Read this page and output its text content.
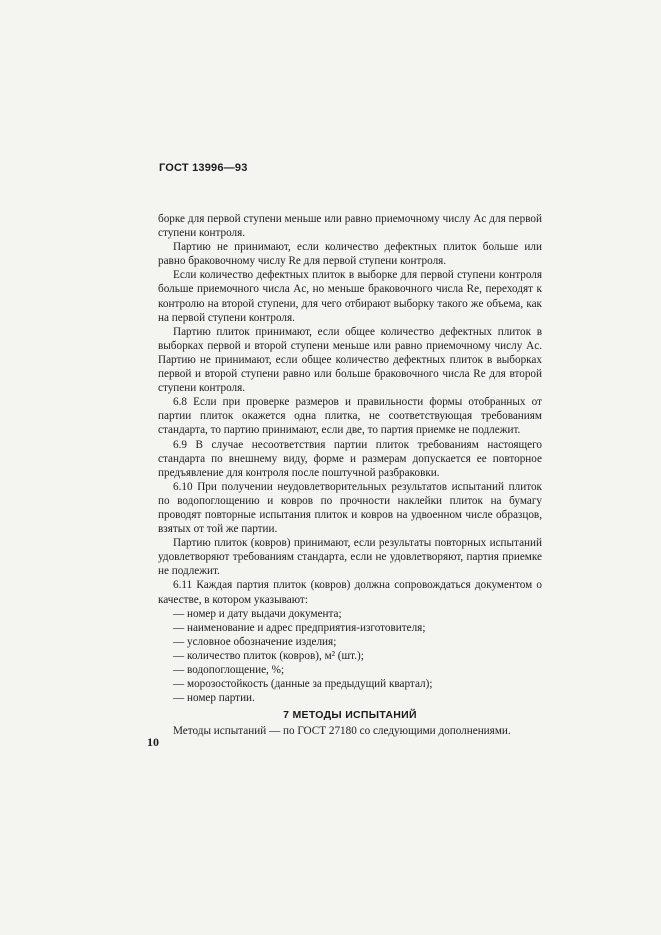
ГОСТ 13996—93

борке для первой ступени меньше или равно приемочному числу Ac для первой ступени контроля.

Партию не принимают, если количество дефектных плиток больше или равно браковочному числу Re для первой ступени контроля.

Если количество дефектных плиток в выборке для первой ступени контроля больше приемочного числа Ac, но меньше браковочного числа Re, переходят к контролю на второй ступени, для чего отбирают выборку такого же объема, как на первой ступени контроля.

Партию плиток принимают, если общее количество дефектных плиток в выборках первой и второй ступени меньше или равно приемочному числу Ac. Партию не принимают, если общее количество дефектных плиток в выборках первой и второй ступени равно или больше браковочного числа Re для второй ступени контроля.

6.8 Если при проверке размеров и правильности формы отобранных от партии плиток окажется одна плитка, не соответствующая требованиям стандарта, то партию принимают, если две, то партия приемке не подлежит.

6.9 В случае несоответствия партии плиток требованиям настоящего стандарта по внешнему виду, форме и размерам допускается ее повторное предъявление для контроля после поштучной разбраковки.

6.10 При получении неудовлетворительных результатов испытаний плиток по водопоглощению и ковров по прочности наклейки плиток на бумагу проводят повторные испытания плиток и ковров на удвоенном числе образцов, взятых от той же партии.

Партию плиток (ковров) принимают, если результаты повторных испытаний удовлетворяют требованиям стандарта, если не удовлетворяют, партия приемке не подлежит.

6.11 Каждая партия плиток (ковров) должна сопровождаться документом о качестве, в котором указывают:

— номер и дату выдачи документа;
— наименование и адрес предприятия-изготовителя;
— условное обозначение изделия;
— количество плиток (ковров), м² (шт.);
— водопоглощение, %;
— морозостойкость (данные за предыдущий квартал);
— номер партии.
7 МЕТОДЫ ИСПЫТАНИЙ

Методы испытаний — по ГОСТ 27180 со следующими дополнениями.

10
